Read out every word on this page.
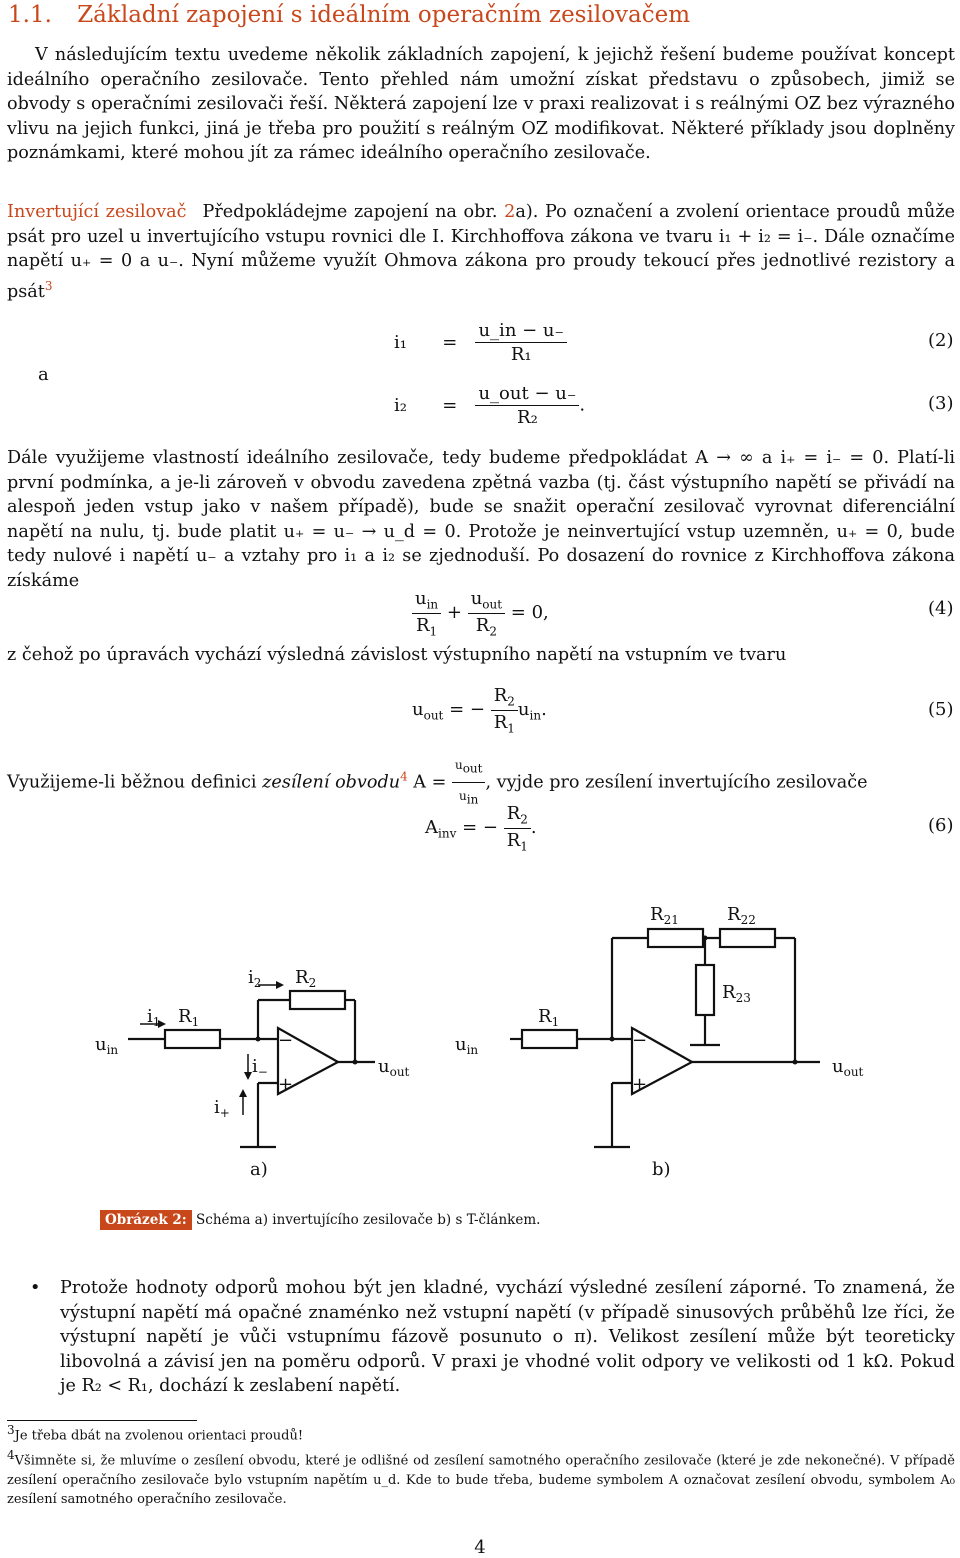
1.1. Základní zapojení s ideálním operačním zesilovačem
V následujícím textu uvedeme několik základních zapojení, k jejichž řešení budeme používat koncept ideálního operačního zesilovače. Tento přehled nám umožní získat představu o způsobech, jimiž se obvody s operačními zesilovači řeší. Některá zapojení lze v praxi realizovat i s reálnými OZ bez výrazného vlivu na jejich funkci, jiná je třeba pro použití s reálným OZ modifikovat. Některé příklady jsou doplněny poznámkami, které mohou jít za rámec ideálního operačního zesilovače.
Invertující zesilovač Předpokládejme zapojení na obr. 2a). Po označení a zvolení orientace proudů může psát pro uzel u invertujícího vstupu rovnici dle I. Kirchhoffova zákona ve tvaru i₁ + i₂ = i₋. Dále označíme napětí u₊ = 0 a u₋. Nyní můžeme využít Ohmova zákona pro proudy tekoucí přes jednotlivé rezistory a psát$^3$
a
$i_1 = \frac{u\_in - u_-}{\text{R₁}}$	(2)
$i_2 = \frac{\text{u\_out − u₋}}{\text{R₂}}$ .	(3)
Dále využijeme vlastností ideálního zesilovače, tedy budeme předpokládat A → ∞ a i₊ = i₋ = 0. Platí-li první podmínka, a je-li zároveň v obvodu zavedena zpětná vazba (tj. část výstupního napětí se přivádí na alespoň jeden vstup jako v našem případě), bude se snažit operační zesilovač vyrovnat diferenciální napětí na nulu, tj. bude platit u₊ = u₋ → u_d = 0. Protože je neinvertující vstup uzemněn, u₊ = 0, bude tedy nulové i napětí u₋ a vztahy pro i₁ a i₂ se zjednoduší. Po dosazení do rovnice z Kirchhoffova zákona získáme
$\frac{u_{in}}{R_1} + \frac{u_{out}}{R_2} = 0$,	(4)
z čehož po úpravách vychází výsledná závislost výstupního napětí na vstupním ve tvaru
$u_{out}$ = − $\frac{R_2}{R_1} u_{in}$.	(5)
Využijeme-li běžnou definici zesílení obvodu$^4$ $A = \frac{u_{out}}{u_{in}}$ , vyjde pro zesílení invertujícího zesilovače
$A_{inv}$ = − $\frac{R_2}{R_1}$ .	(6)
$u_{in}$
$i_1$ $R_1$
$i_2$ $R_2$
$i_-$
$i_+$
−
+
$u_{out}$
$u_{in}$
$R_1$
$R_{21}$	$R_{22}$
$R_{23}$
−
+
$u_{out}$
a)	b)
Obrázek 2: Schéma a) invertujícího zesilovače b) s T-článkem.
• Protože hodnoty odporů mohou být jen kladné, vychází výsledné zesílení záporné. To znamená, že výstupní napětí má opačné znaménko než vstupní napětí (v případě sinusových průběhů lze říci, že výstupní napětí je vůči vstupnímu fázově posunuto o π). Velikost zesílení může být teoreticky libovolná a závisí jen na poměru odporů. V praxi je vhodné volit odpory ve velikosti od 1 kΩ. Pokud je R₂ < R₁, dochází k zeslabení napětí.
$^3$Je třeba dbát na zvolenou orientaci proudů!
$^4$Všimněte si, že mluvíme o zesílení obvodu, které je odlišné od zesílení samotného operačního zesilovače (které je zde nekonečné). V případě zesílení operačního zesilovače bylo vstupním napětím u_d. Kde to bude třeba, budeme symbolem A označovat zesílení obvodu, symbolem A₀ zesílení samotného operačního zesilovače.
4
